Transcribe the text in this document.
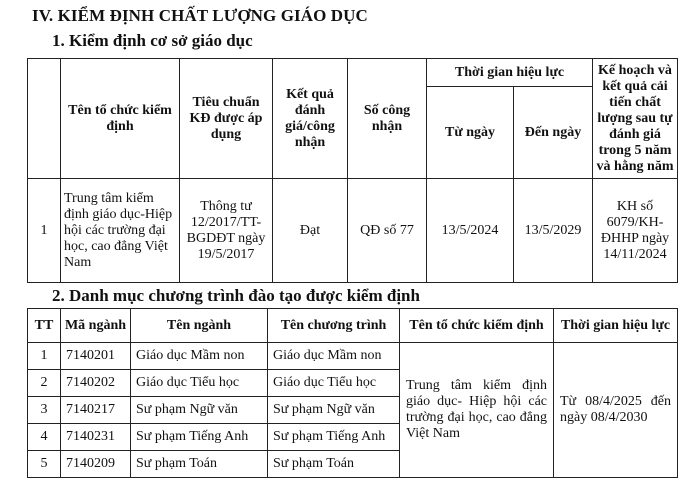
IV. KIỂM ĐỊNH CHẤT LƯỢNG GIÁO DỤC
1. Kiểm định cơ sở giáo dục
	Tên tổ chức kiểm định	Tiêu chuẩn KĐ được áp dụng	Kết quả đánh giá/công nhận	Số công nhận	Thời gian hiệu lực		Kế hoạch và kết quả cải tiến chất lượng sau tự đánh giá trong 5 năm và hằng năm
					Từ ngày	Đến ngày	
1	Trung tâm kiểm định giáo dục-Hiệp hội các trường đại học, cao đẳng Việt Nam	Thông tư 12/2017/TT-BGDĐT ngày 19/5/2017	Đạt	QĐ số 77	13/5/2024	13/5/2029	KH số 6079/KH-ĐHHP ngày 14/11/2024
2. Danh mục chương trình đào tạo được kiểm định
TT	Mã ngành	Tên ngành	Tên chương trình	Tên tổ chức kiểm định	Thời gian hiệu lực
1	7140201	Giáo dục Mầm non	Giáo dục Mầm non	Trung tâm kiểm định giáo dục- Hiệp hội các trường đại học, cao đẳng Việt Nam	Từ 08/4/2025 đến ngày 08/4/2030
2	7140202	Giáo dục Tiểu học	Giáo dục Tiểu học		
3	7140217	Sư phạm Ngữ văn	Sư phạm Ngữ văn		
4	7140231	Sư phạm Tiếng Anh	Sư phạm Tiếng Anh		
5	7140209	Sư phạm Toán	Sư phạm Toán		
